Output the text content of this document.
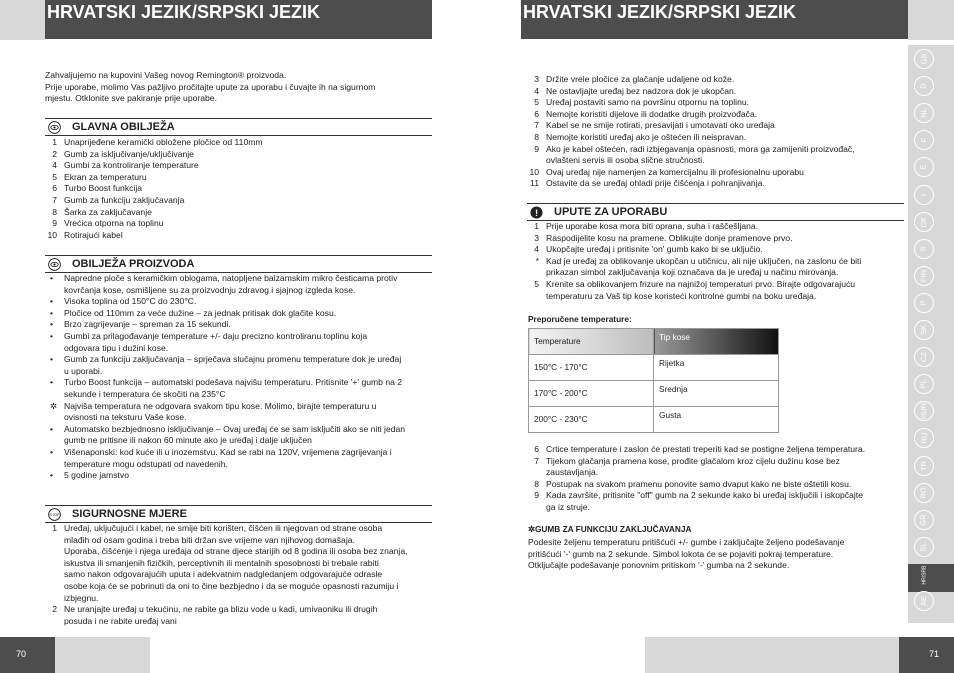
HRVATSKI JEZIK/SRPSKI JEZIK
Zahvaljujemo na kupovini Vašeg novog Remington® proizvoda.
Prije uporabe, molimo Vas pažljivo pročitajte upute za uporabu i čuvajte ih na sigurnom
mjestu. Otklonite sve pakiranje prije uporabe.
GLAVNA OBILJEŽA
1 Unaprijeđene keramički obložene pločice od 110mm
2 Gumb za isključivanje/uključivanje
4 Gumbi za kontroliranje temperature
5 Ekran za temperaturu
6 Turbo Boost funkcija
7 Gumb za funkciju zaključavanja
8 Šarka za zaključavanje
9 Vrećica otporna na toplinu
10 Rotirajući kabel
OBILJEŽA PROIZVODA
• Napredne ploče s keramičkim oblogama, natopljene balzamskim mikro česticama protiv
kovrčanja kose, osmišljene su za proizvodnju zdravog i sjajnog izgleda kose.
• Visoka toplina od 150°C do 230°C.
• Pločice od 110mm za veće dužine – za jednak pritisak dok glačite kosu.
• Brzo zagrijevanje – spreman za 15 sekundi.
• Gumbi za prilagođavanje temperature +/- daju precizno kontroliranu toplinu koja
odgovara tipu i dužini kose.
• Gumb za funkciju zaključavanja – sprječava slučajnu promenu temperature dok je uređaj
u uporabi.
• Turbo Boost funkcija – automatski podešava najvišu temperaturu. Pritisnite '+' gumb na 2
sekunde i temperatura će skočiti na 235°C
✲ Najviša temperatura ne odgovara svakom tipu kose. Molimo, birajte temperaturu u
ovisnosti na teksturu Vaše kose.
• Automatsko bezbjednosno isključivanje – Ovaj uređaj će se sam isključiti ako se niti jedan
gumb ne pritisne ili nakon 60 minute ako je uređaj i dalje uključen
• Višenaponski: kod kuće ili u inozemstvu. Kad se rabi na 120V, vrijemena zagrijevanja i
temperature mogu odstupati od navedenih.
• 5 godine jamstvo
STOP SIGURNOSNE MJERE
1 Uređaj, uključujući i kabel, ne smije biti korišten, čišćen ili njegovan od strane osoba
mlađih od osam godina i treba biti držan sve vrijeme van njihovog domašaja.
Uporaba, čišćenje i njega uređaja od strane djece starijih od 8 godina ili osoba bez znanja,
iskustva ili smanjenih fizičkih, perceptivnih ili mentalnih sposobnosti bi trebale rabiti
samo nakon odgovarajućih uputa i adekvatnim nadgledanjem odgovarajuće odrasle
osobe koja će se pobrinuti da oni to čine bezbjedno i da se moguće opasnosti razumiju i
izbjegnu.
2 Ne uranjajte uređaj u tekućinu, ne rabite ga blizu vode u kadi, umivaoniku ili drugih
posuda i ne rabite uređaj vani
70
HRVATSKI JEZIK/SRPSKI JEZIK
3 Držite vrele pločice za glačanje udaljene od kože.
4 Ne ostavljajte uređaj bez nadzora dok je ukopčan.
5 Uređaj postaviti samo na površinu otpornu na toplinu.
6 Nemojte koristiti dijelove ili dodatke drugih proizvođača.
7 Kabel se ne smije rotirati, presavijati i umotavati oko uređaja
8 Nemojte koristiti uređaj ako je oštećen ili neispravan.
9 Ako je kabel oštećen, radi izbjegavanja opasnosti, mora ga zamijeniti proizvođač,
ovlašteni servis ili osoba slične stručnosti.
10 Ovaj uređaj nije namenjen za komercijalnu ili profesionalnu uporabu
11 Ostavite da se uređaj ohladi prije čišćenja i pohranjivanja.
! UPUTE ZA UPORABU
1 Prije uporabe kosa mora biti oprana, suha i raščešljana.
3 Raspodijelite kosu na pramene. Oblikujte donje pramenove prvo.
4 Ukopčajte uređaj i pritisnite 'on' gumb kako bi se uključio.
* Kad je uređaj za oblikovanje ukopčan u utičnicu, ali nije uključen, na zaslonu će biti
prikazan simbol zaključavanja koji označava da je uređaj u načinu mirovanja.
5 Krenite sa oblikovanjem frizure na najnižoj temperaturi prvo. Birajte odgovarajuću
temperaturu za Vaš tip kose koristeći kontrolne gumbi na boku uređaja.
Preporučene temperature:
Temperature	Tip kose
150°C - 170°C	Rijetka
170°C - 200°C	Srednja
200°C - 230°C	Gusta
6 Crtice temperature i zaslon će prestati treperiti kad se postigne željena temperatura.
7 Tijekom glačanja pramena kose, prođite glačalom kroz cijelu dužinu kose bez
zaustavljanja.
8 Postupak na svakom pramenu ponovite samo dvaput kako ne biste oštetili kosu.
9 Kada završite, pritisnite "off" gumb na 2 sekunde kako bi uređaj isključili i iskopčajte
ga iz struje.
✲GUMB ZA FUNKCIJU ZAKLJUČAVANJA
Podesite željenu temperaturu pritišćući +/- gumbe i zaključajte željeno podešavanje
pritišćući '-' gumb na 2 sekunde. Simbol lokota će se pojaviti pokraj temperature.
Otključajte podešavanje ponovnim pritiskom '-' gumba na 2 sekunde.
GB
D
NL
F
E
I
DK
S
FIN
P
SK
CZ
PL
HUN
RU
TR
RO
GR
SL
HR/SRB
AE
71
